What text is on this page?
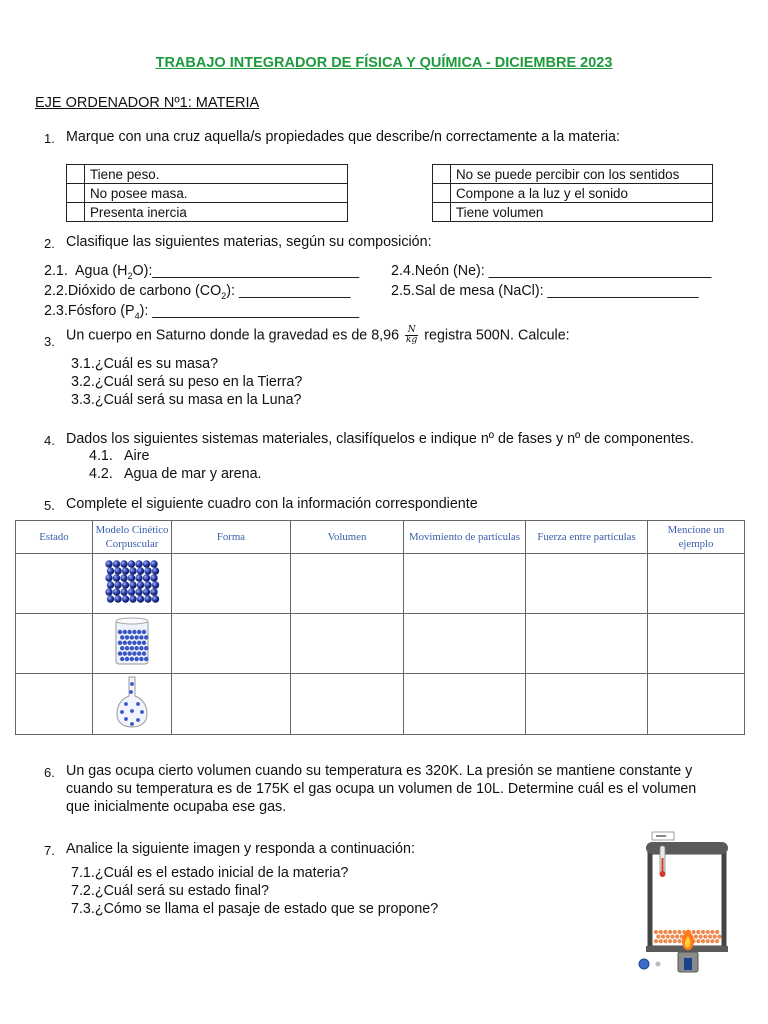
TRABAJO INTEGRADOR DE FÍSICA Y QUÍMICA - DICIEMBRE 2023
EJE ORDENADOR Nº1: MATERIA
1. Marque con una cruz aquella/s propiedades que describe/n correctamente a la materia:
	Tiene peso.
	No posee masa.
	Presenta inercia
	No se puede percibir con los sentidos
	Compone a la luz y el sonido
	Tiene volumen
2. Clasifique las siguientes materias, según su composición:
2.1. Agua $(H_2O):\_\_\_\_\_\_\_\_\_\_\_\_\_\_\_\_\_\_\_\_\_\_\_\_\_\_$ 2.4.Neón (Ne): ____________________________
2.2.Dióxido de carbono $(CO_2)$: ______________	2.5.Sal de mesa (NaCl): ___________________
2.3.Fósforo $(P_4)$: __________________________
3. Un cuerpo en Saturno donde la gravedad es de $8,96 \frac{N}{kg}$ registra 500N. Calcule:
3.1.¿Cuál es su masa?
3.2.¿Cuál será su peso en la Tierra?
3.3.¿Cuál será su masa en la Luna?
4. Dados los siguientes sistemas materiales, clasifíquelos e indique nº de fases y nº de componentes.
4.1. Aire
4.2. Agua de mar y arena.
5. Complete el siguiente cuadro con la información correspondiente
Estado	Modelo Cinético Corpuscular	Forma	Volumen	Movimiento de partículas	Fuerza entre partículas	Mencione un ejemplo

6. Un gas ocupa cierto volumen cuando su temperatura es 320K. La presión se mantiene constante y
cuando su temperatura es de 175K el gas ocupa un volumen de 10L. Determine cuál es el volumen
que inicialmente ocupaba ese gas.
7. Analice la siguiente imagen y responda a continuación:
7.1.¿Cuál es el estado inicial de la materia?
7.2.¿Cuál será su estado final?
7.3.¿Cómo se llama el pasaje de estado que se propone?
